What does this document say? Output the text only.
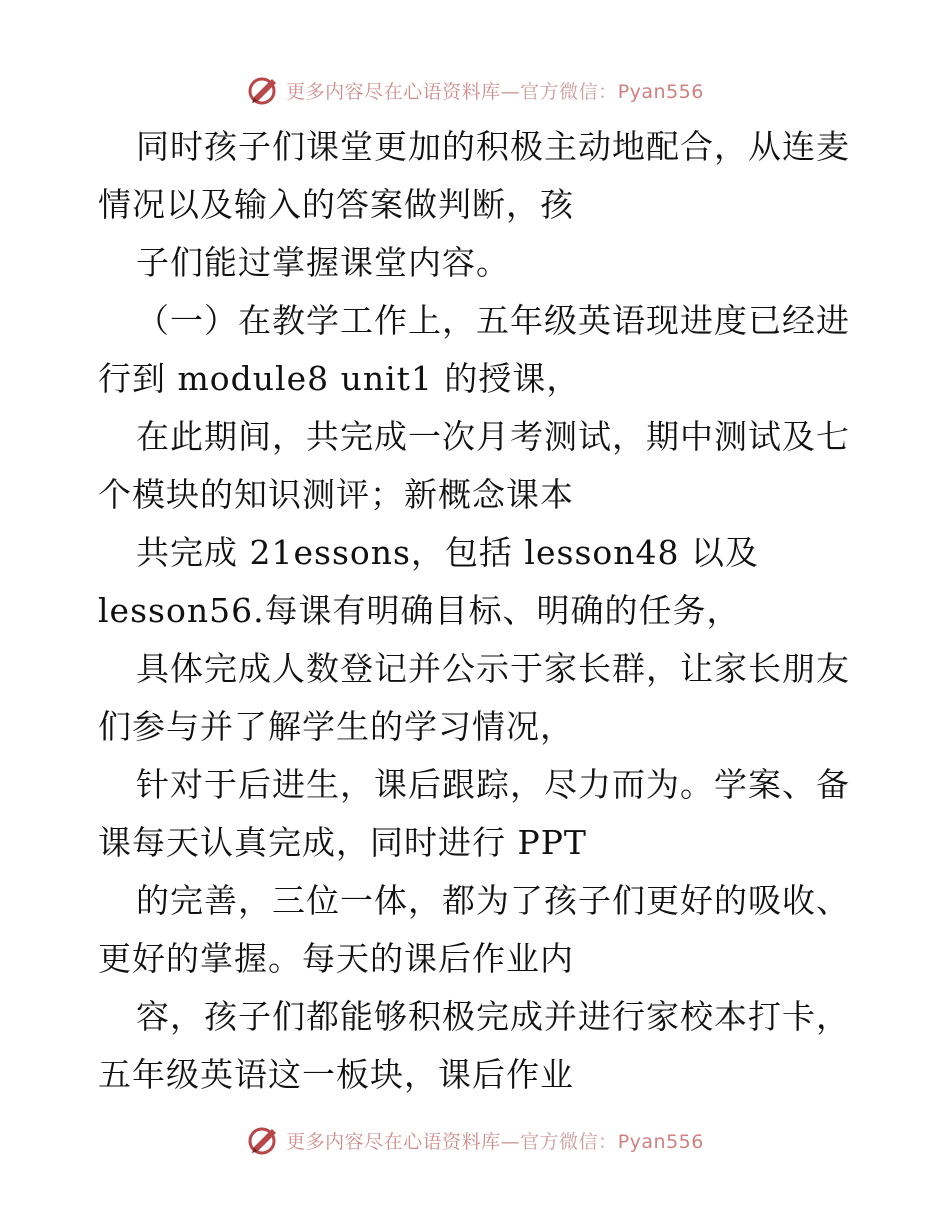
更多内容尽在心语资料库—官方微信：Pyan556
同时孩子们课堂更加的积极主动地配合，从连麦
情况以及输入的答案做判断，孩
子们能过掌握课堂内容。
（一）在教学工作上，五年级英语现进度已经进
行到 module8 unit1 的授课，
在此期间，共完成一次月考测试，期中测试及七
个模块的知识测评；新概念课本
共完成 21essons，包括 lesson48 以及
lesson56.每课有明确目标、明确的任务，
具体完成人数登记并公示于家长群，让家长朋友
们参与并了解学生的学习情况，
针对于后进生，课后跟踪，尽力而为。学案、备
课每天认真完成，同时进行 PPT
的完善，三位一体，都为了孩子们更好的吸收、
更好的掌握。每天的课后作业内
容，孩子们都能够积极完成并进行家校本打卡，
五年级英语这一板块，课后作业
更多内容尽在心语资料库—官方微信：Pyan556
